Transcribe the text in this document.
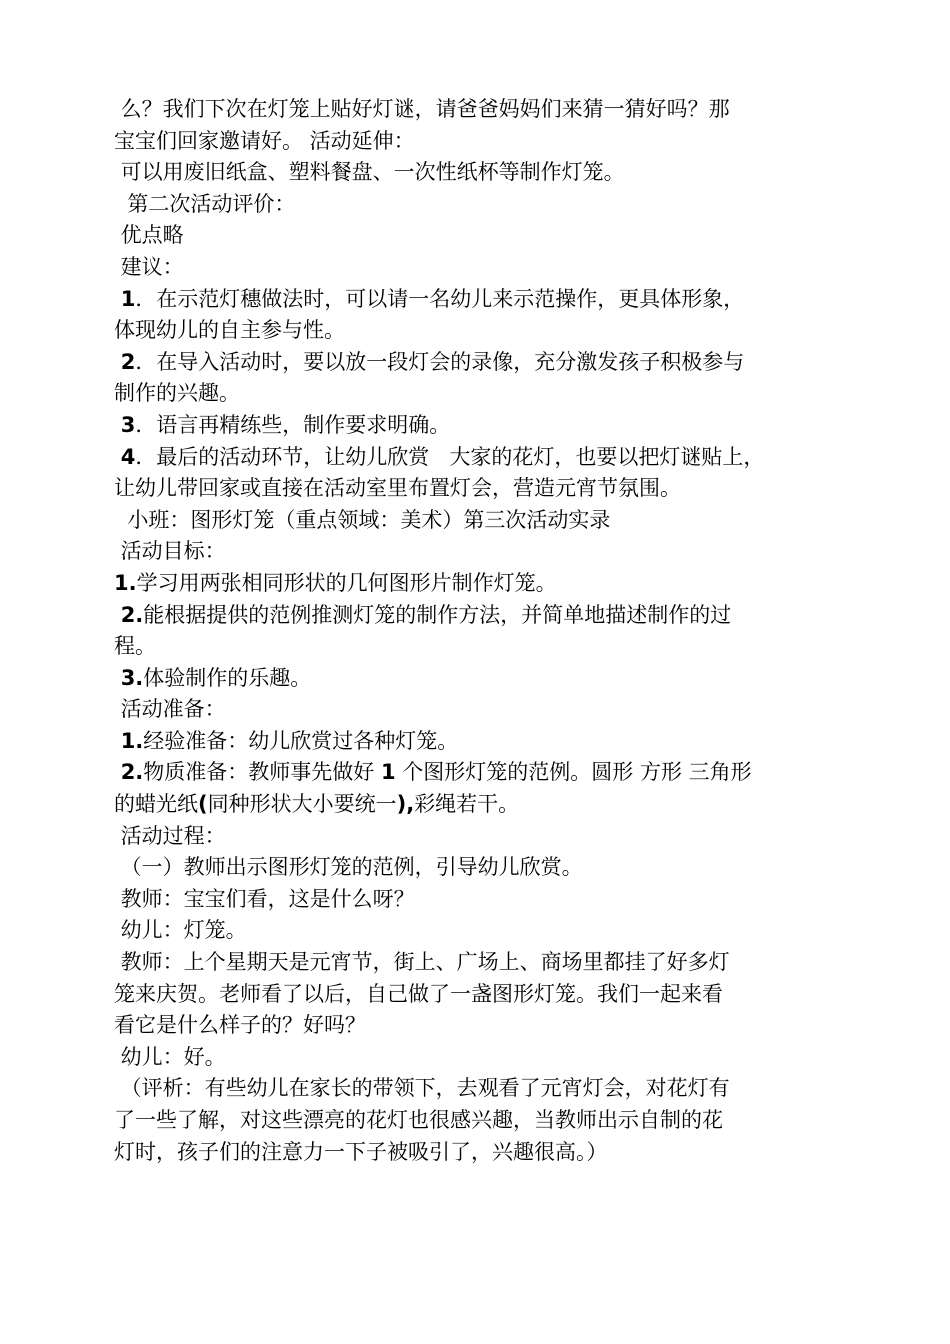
么？我们下次在灯笼上贴好灯谜，请爸爸妈妈们来猜一猜好吗？那
宝宝们回家邀请好。 活动延伸：
可以用废旧纸盒、塑料餐盘、一次性纸杯等制作灯笼。
第二次活动评价：
优点略
建议：
1．在示范灯穗做法时，可以请一名幼儿来示范操作，更具体形象，
体现幼儿的自主参与性。
2．在导入活动时，要以放一段灯会的录像，充分激发孩子积极参与
制作的兴趣。
3．语言再精练些，制作要求明确。
4．最后的活动环节，让幼儿欣赏   大家的花灯，也要以把灯谜贴上，
让幼儿带回家或直接在活动室里布置灯会，营造元宵节氛围。
小班：图形灯笼（重点领域：美术）第三次活动实录
活动目标：
1.学习用两张相同形状的几何图形片制作灯笼。
2.能根据提供的范例推测灯笼的制作方法，并简单地描述制作的过
程。
3.体验制作的乐趣。
活动准备：
1.经验准备：幼儿欣赏过各种灯笼。
2.物质准备：教师事先做好 1 个图形灯笼的范例。圆形 方形 三角形
的蜡光纸(同种形状大小要统一),彩绳若干。
活动过程：
（一）教师出示图形灯笼的范例，引导幼儿欣赏。
教师：宝宝们看，这是什么呀？
幼儿：灯笼。
教师：上个星期天是元宵节，街上、广场上、商场里都挂了好多灯
笼来庆贺。老师看了以后，自己做了一盏图形灯笼。我们一起来看
看它是什么样子的？好吗？
幼儿：好。
（评析：有些幼儿在家长的带领下，去观看了元宵灯会，对花灯有
了一些了解，对这些漂亮的花灯也很感兴趣，当教师出示自制的花
灯时，孩子们的注意力一下子被吸引了，兴趣很高。）
